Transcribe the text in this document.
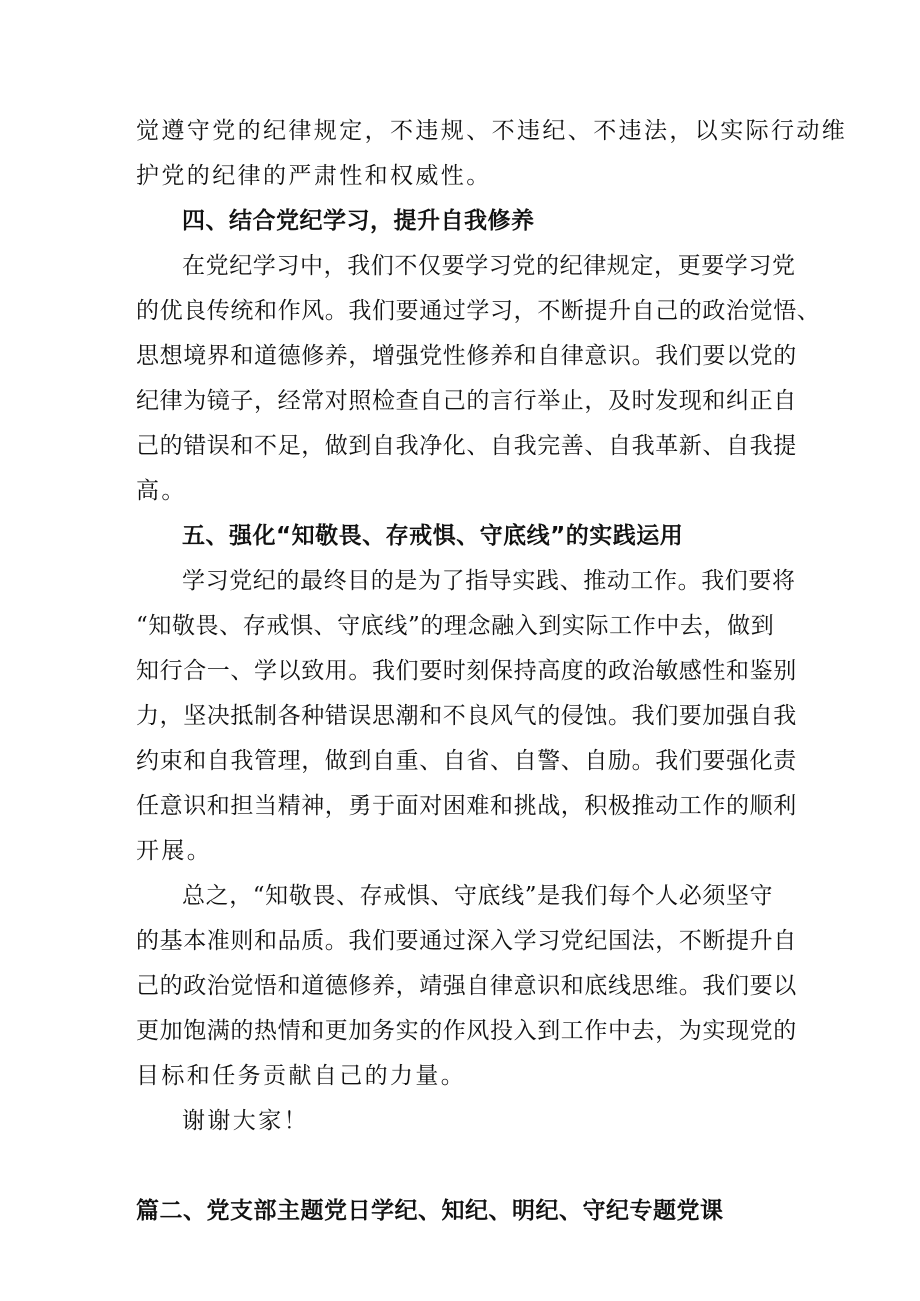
觉遵守党的纪律规定，不违规、不违纪、不违法，以实际行动维
护党的纪律的严肃性和权威性。
四、结合党纪学习，提升自我修养
在党纪学习中，我们不仅要学习党的纪律规定，更要学习党
的优良传统和作风。我们要通过学习，不断提升自己的政治觉悟、
思想境界和道德修养，增强党性修养和自律意识。我们要以党的
纪律为镜子，经常对照检查自己的言行举止，及时发现和纠正自
己的错误和不足，做到自我净化、自我完善、自我革新、自我提
高。
五、强化“知敬畏、存戒惧、守底线”的实践运用
学习党纪的最终目的是为了指导实践、推动工作。我们要将
“知敬畏、存戒惧、守底线”的理念融入到实际工作中去，做到
知行合一、学以致用。我们要时刻保持高度的政治敏感性和鉴别
力，坚决抵制各种错误思潮和不良风气的侵蚀。我们要加强自我
约束和自我管理，做到自重、自省、自警、自励。我们要强化责
任意识和担当精神，勇于面对困难和挑战，积极推动工作的顺利
开展。
总之，“知敬畏、存戒惧、守底线”是我们每个人必须坚守
的基本准则和品质。我们要通过深入学习党纪国法，不断提升自
己的政治觉悟和道德修养，靖强自律意识和底线思维。我们要以
更加饱满的热情和更加务实的作风投入到工作中去，为实现党的
目标和任务贡献自己的力量。
谢谢大家！
篇二、党支部主题党日学纪、知纪、明纪、守纪专题党课
